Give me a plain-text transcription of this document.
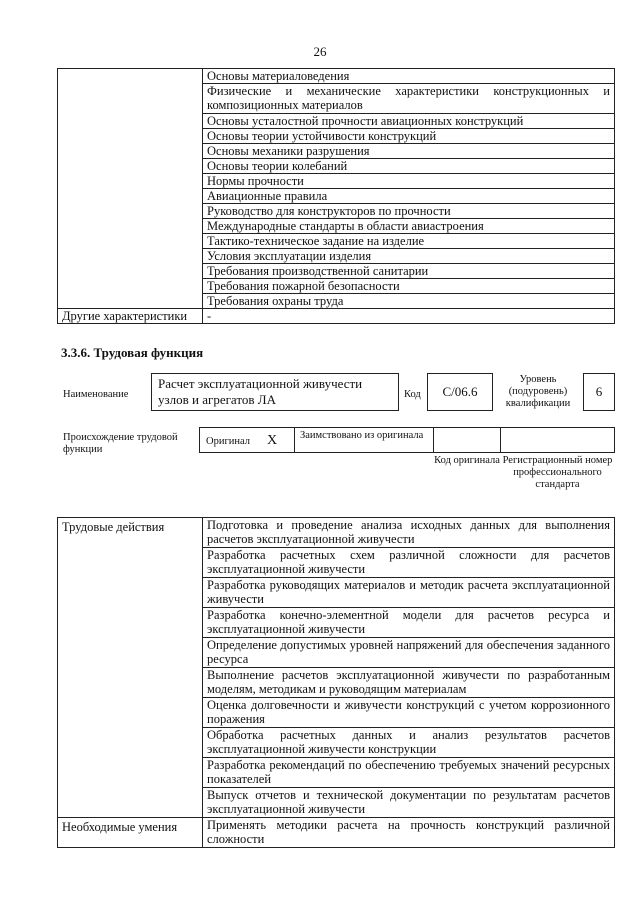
26
	Основы материаловедения
	Физические и механические характеристики конструкционных и композиционных материалов
	Основы усталостной прочности авиационных конструкций
	Основы теории устойчивости конструкций
	Основы механики разрушения
	Основы теории колебаний
	Нормы прочности
	Авиационные правила
	Руководство для конструкторов по прочности
	Международные стандарты в области авиастроения
	Тактико-техническое задание на изделие
	Условия эксплуатации изделия
	Требования производственной санитарии
	Требования пожарной безопасности
	Требования охраны труда
Другие характеристики	-
3.3.6. Трудовая функция
Наименование
Расчет эксплуатационной живучести узлов и агрегатов ЛА	Код	C/06.6
Уровень (подуровень) квалификации
6
Происхождение трудовой функции
Оригинал X Заимствовано из оригинала
Код оригинала Регистрационный номер профессионального стандарта
Трудовые действия	Подготовка и проведение анализа исходных данных для выполнения расчетов эксплуатационной живучести
	Разработка расчетных схем различной сложности для расчетов эксплуатационной живучести
	Разработка руководящих материалов и методик расчета эксплуатационной живучести
	Разработка конечно-элементной модели для расчетов ресурса и эксплуатационной живучести
	Определение допустимых уровней напряжений для обеспечения заданного ресурса
	Выполнение расчетов эксплуатационной живучести по разработанным моделям, методикам и руководящим материалам
	Оценка долговечности и живучести конструкций с учетом коррозионного поражения
	Обработка расчетных данных и анализ результатов расчетов эксплуатационной живучести конструкции
	Разработка рекомендаций по обеспечению требуемых значений ресурсных показателей
	Выпуск отчетов и технической документации по результатам расчетов эксплуатационной живучести
Необходимые умения	Применять методики расчета на прочность конструкций различной сложности
